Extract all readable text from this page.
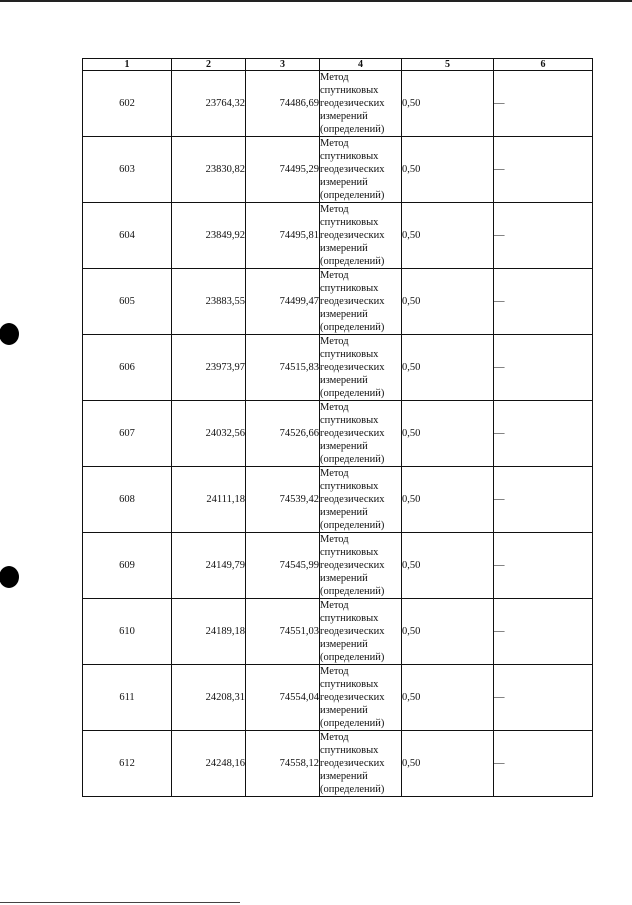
1	2	3	4	5	6
602	23764,32	74486,69	Метод
спутниковых
геодезических
измерений
(определений)	0,50	—
603	23830,82	74495,29	Метод
спутниковых
геодезических
измерений
(определений)	0,50	—
604	23849,92	74495,81	Метод
спутниковых
геодезических
измерений
(определений)	0,50	—
605	23883,55	74499,47	Метод
спутниковых
геодезических
измерений
(определений)	0,50	—
606	23973,97	74515,83	Метод
спутниковых
геодезических
измерений
(определений)	0,50	—
607	24032,56	74526,66	Метод
спутниковых
геодезических
измерений
(определений)	0,50	—
608	24111,18	74539,42	Метод
спутниковых
геодезических
измерений
(определений)	0,50	—
609	24149,79	74545,99	Метод
спутниковых
геодезических
измерений
(определений)	0,50	—
610	24189,18	74551,03	Метод
спутниковых
геодезических
измерений
(определений)	0,50	—
611	24208,31	74554,04	Метод
спутниковых
геодезических
измерений
(определений)	0,50	—
612	24248,16	74558,12	Метод
спутниковых
геодезических
измерений
(определений)	0,50	—
